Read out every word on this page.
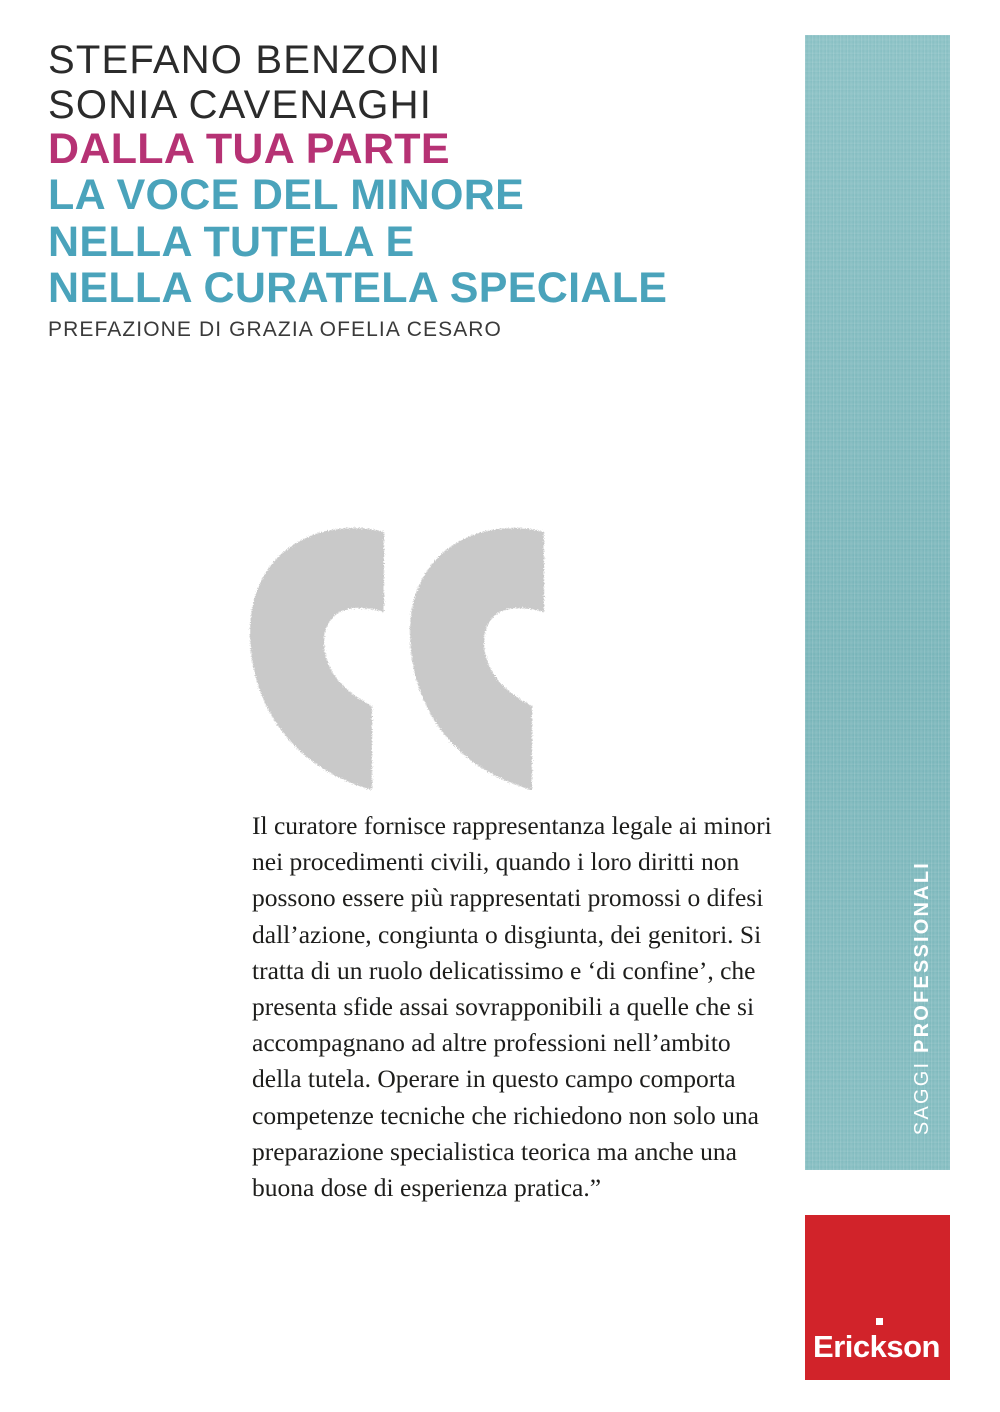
SAGGI PROFESSIONALI
STEFANO BENZONI
SONIA CAVENAGHI
DALLA TUA PARTE
LA VOCE DEL MINORE
NELLA TUTELA E
NELLA CURATELA SPECIALE
PREFAZIONE DI GRAZIA OFELIA CESARO
Il curatore fornisce rappresentanza legale ai minori nei procedimenti civili, quando i loro diritti non possono essere più rappresentati promossi o difesi dall’azione, congiunta o disgiunta, dei genitori. Si tratta di un ruolo delicatissimo e ‘di confine’, che presenta sfide assai sovrapponibili a quelle che si accompagnano ad altre professioni nell’ambito della tutela. Operare in questo campo comporta competenze tecniche che richiedono non solo una preparazione specialistica teorica ma anche una buona dose di esperienza pratica.”
Erickson
